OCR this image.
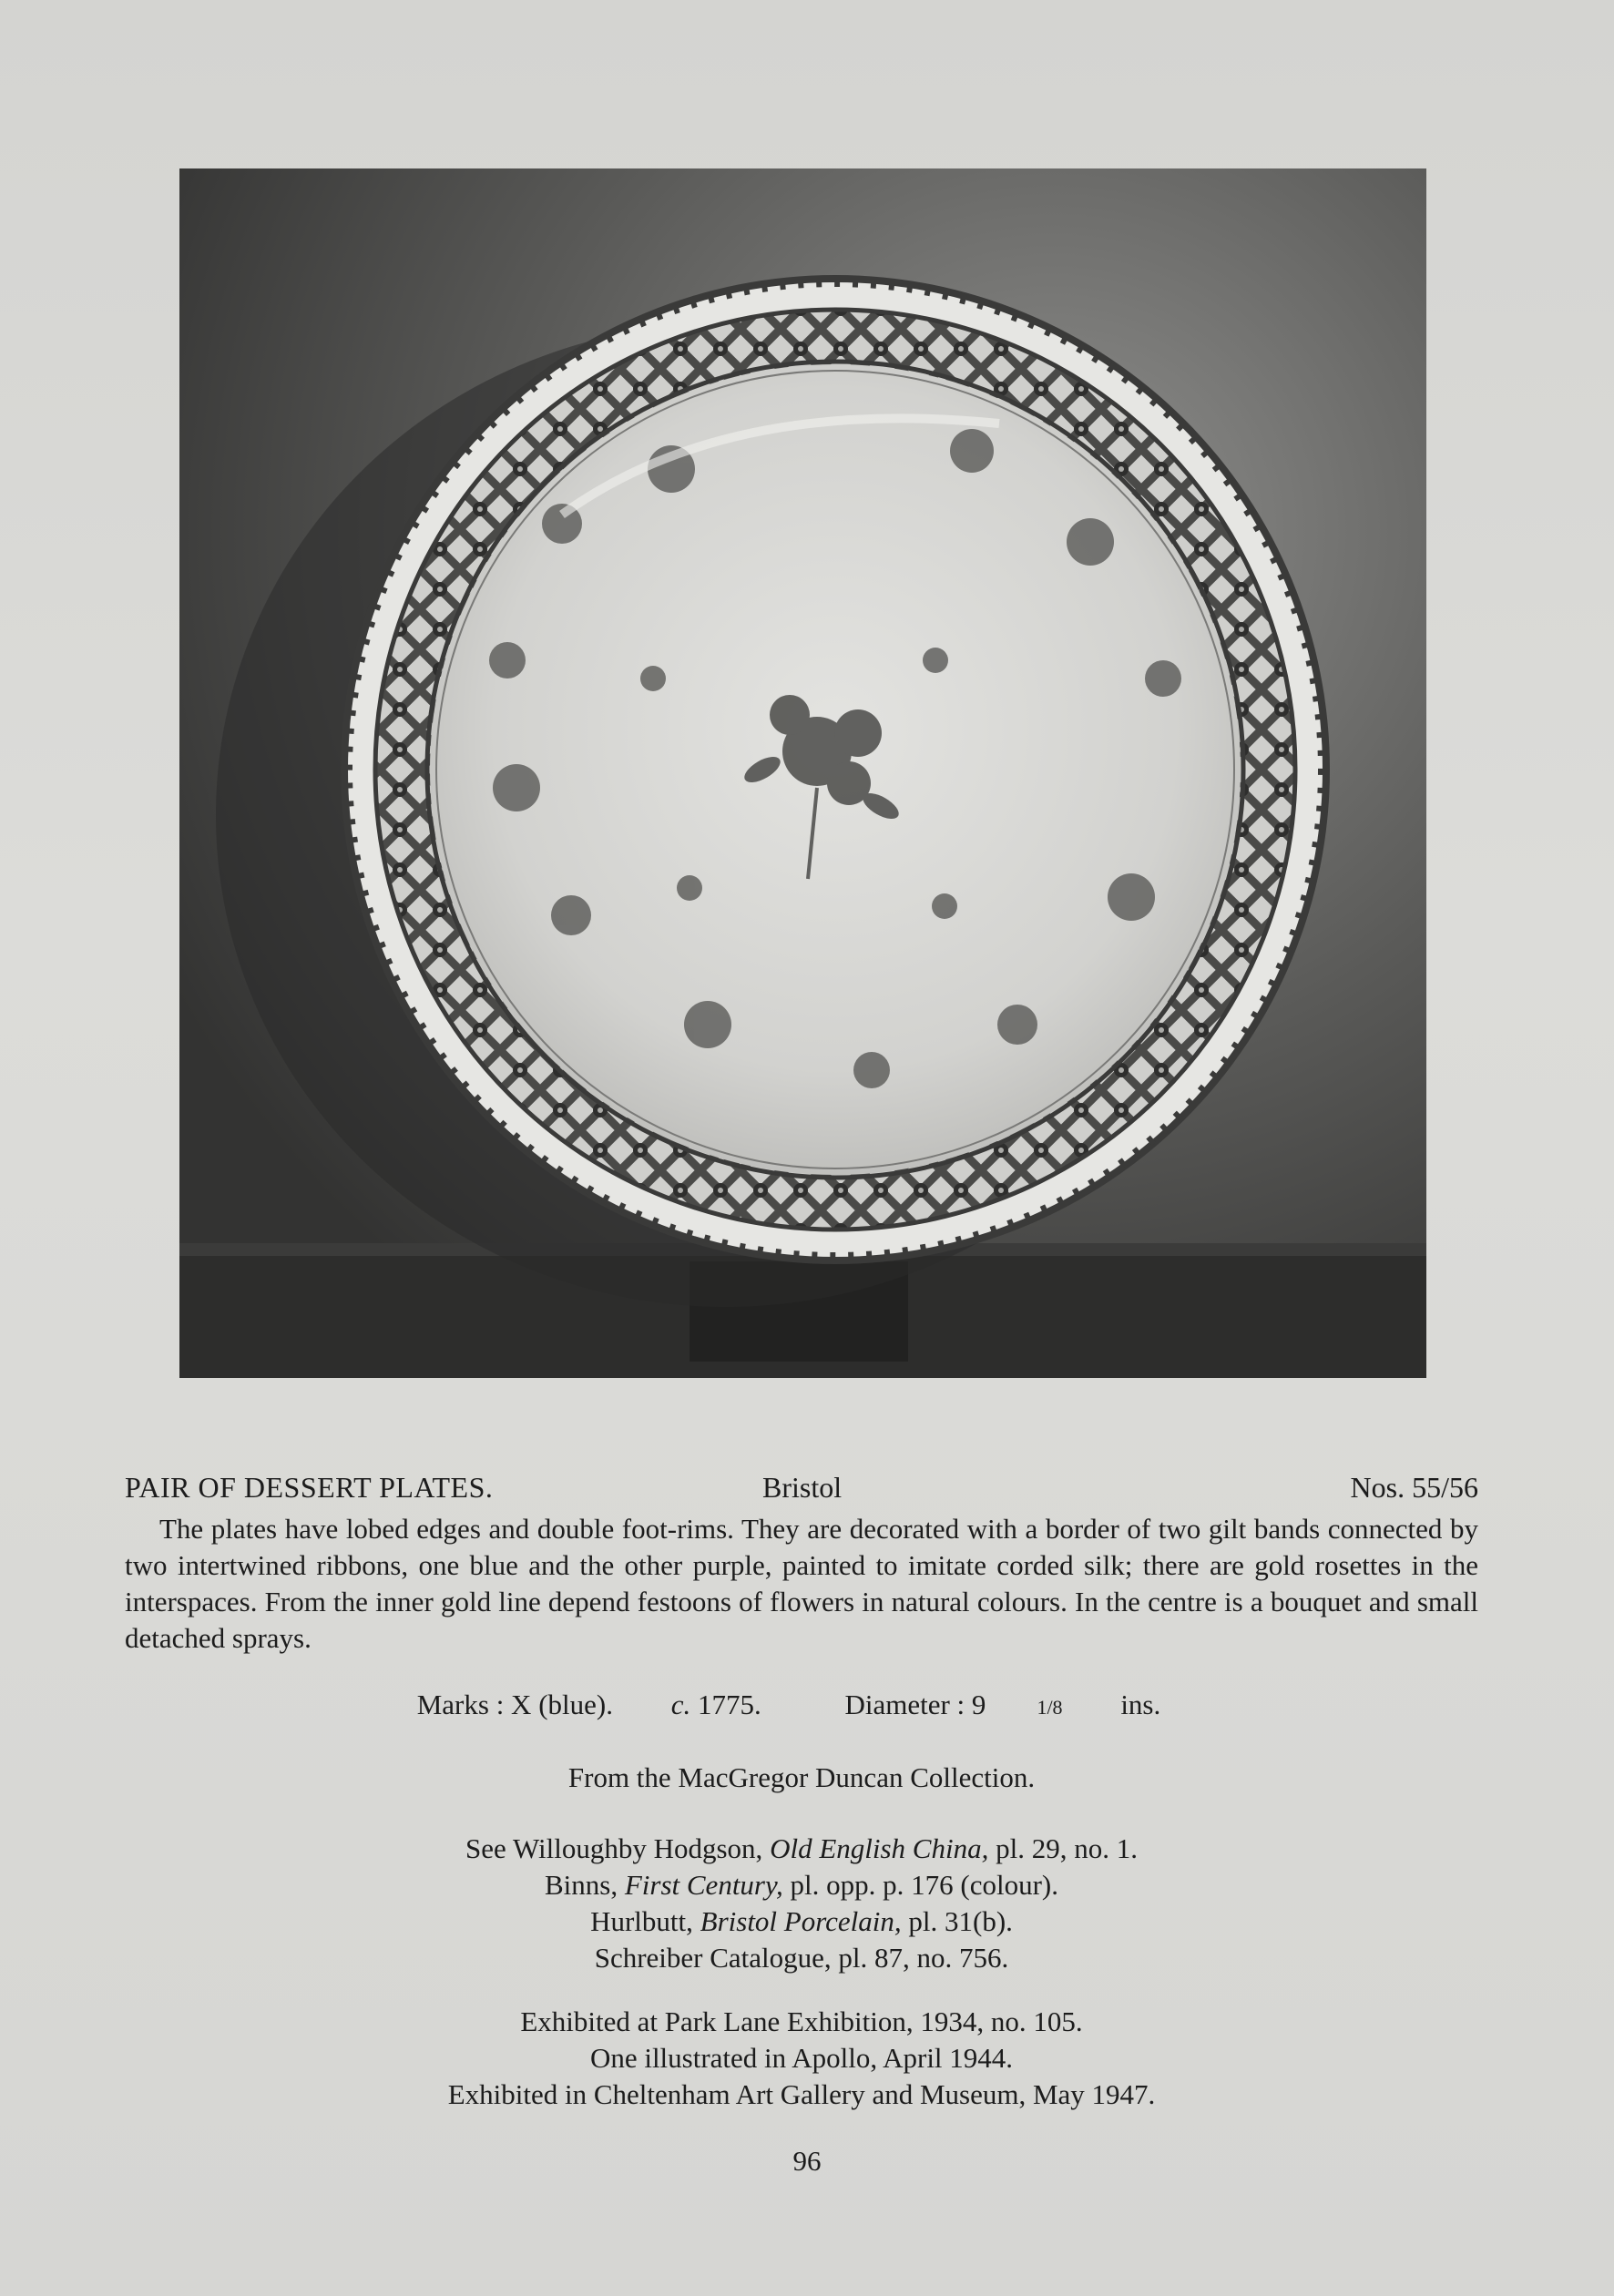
PAIR OF DESSERT PLATES.	Bristol	Nos. 55/56

The plates have lobed edges and double foot-rims. They are decorated with a border of two gilt bands connected by two intertwined ribbons, one blue and the other purple, painted to imitate corded silk; there are gold rosettes in the interspaces. From the inner gold line depend festoons of flowers in natural colours. In the centre is a bouquet and small detached sprays.

Marks : X (blue). c. 1775.	Diameter : 9	1/8 ins.
From the MacGregor Duncan Collection.
See Willoughby Hodgson, Old English China, pl. 29, no. 1.
Binns, First Century, pl. opp. p. 176 (colour).
Hurlbutt, Bristol Porcelain, pl. 31(b).
Schreiber Catalogue, pl. 87, no. 756.
Exhibited at Park Lane Exhibition, 1934, no. 105.
One illustrated in Apollo, April 1944.
Exhibited in Cheltenham Art Gallery and Museum, May 1947.
96
